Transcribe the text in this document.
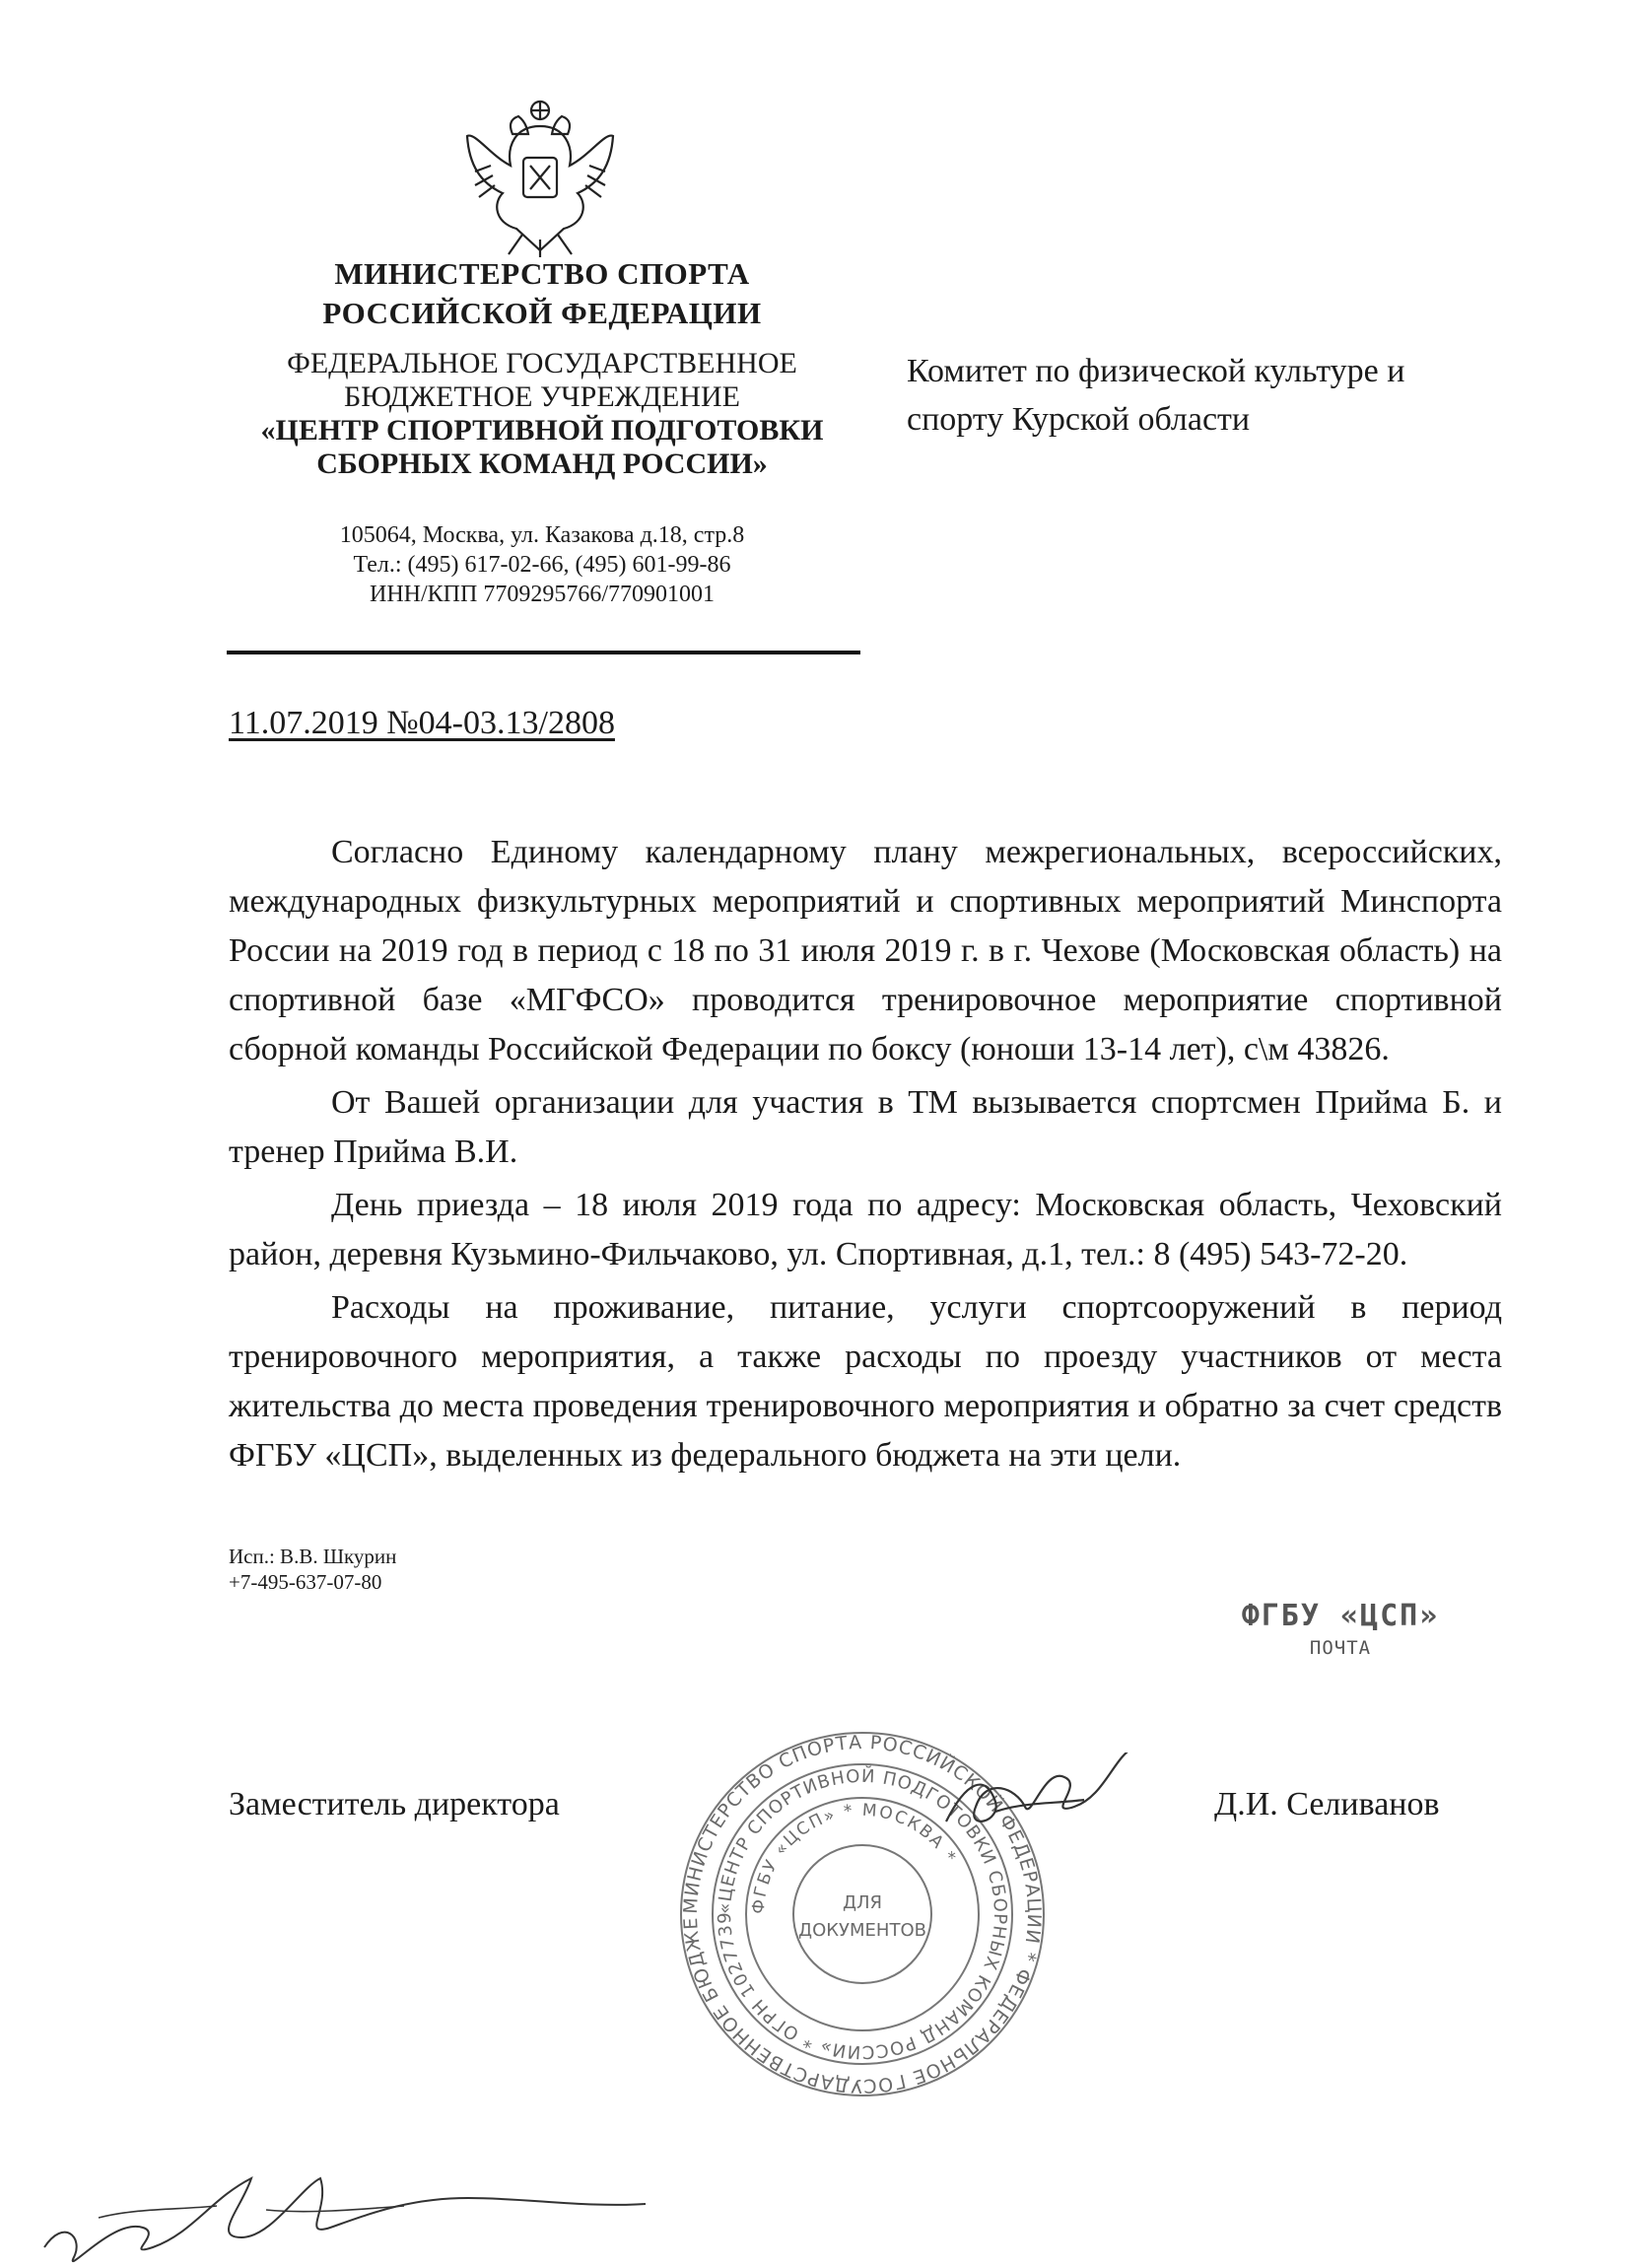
МИНИСТЕРСТВО СПОРТА
РОССИЙСКОЙ ФЕДЕРАЦИИ
ФЕДЕРАЛЬНОЕ ГОСУДАРСТВЕННОЕ
БЮДЖЕТНОЕ УЧРЕЖДЕНИЕ
«ЦЕНТР СПОРТИВНОЙ ПОДГОТОВКИ
СБОРНЫХ КОМАНД РОССИИ»
105064, Москва, ул. Казакова д.18, стр.8
Тел.: (495) 617-02-66, (495) 601-99-86
ИНН/КПП 7709295766/770901001
Комитет по физической культуре и
спорту Курской области
11.07.2019 №04-03.13/2808

Согласно Единому календарному плану межрегиональных, всероссийских, международных физкультурных мероприятий и спортивных мероприятий Минспорта России на 2019 год в период с 18 по 31 июля 2019 г. в г. Чехове (Московская область) на спортивной базе «МГФСО» проводится тренировочное мероприятие спортивной сборной команды Российской Федерации по боксу (юноши 13-14 лет), с\м 43826.

От Вашей организации для участия в ТМ вызывается спортсмен Прийма Б. и тренер Прийма В.И.

День приезда – 18 июля 2019 года по адресу: Московская область, Чеховский район, деревня Кузьмино-Фильчаково, ул. Спортивная, д.1, тел.: 8 (495) 543-72-20.

Расходы на проживание, питание, услуги спортсооружений в период тренировочного мероприятия, а также расходы по проезду участников от места жительства до места проведения тренировочного мероприятия и обратно за счет средств ФГБУ «ЦСП», выделенных из федерального бюджета на эти цели.

Заместитель директора	Д.И. Селиванов
МИНИСТЕРСТВО СПОРТА РОССИЙСКОЙ ФЕДЕРАЦИИ * ФЕДЕРАЛЬНОЕ ГОСУДАРСТВЕННОЕ БЮДЖЕ
«ЦЕНТР СПОРТИВНОЙ ПОДГОТОВКИ СБОРНЫХ КОМАНД РОССИИ» * ОГРН 1027739
ФГБУ «ЦСП» * МОСКВА *
ДЛЯ
ДОКУМЕНТОВ
Исп.: В.В. Шкурин
+7-495-637-07-80
ФГБУ «ЦСП»
ПОЧТА
